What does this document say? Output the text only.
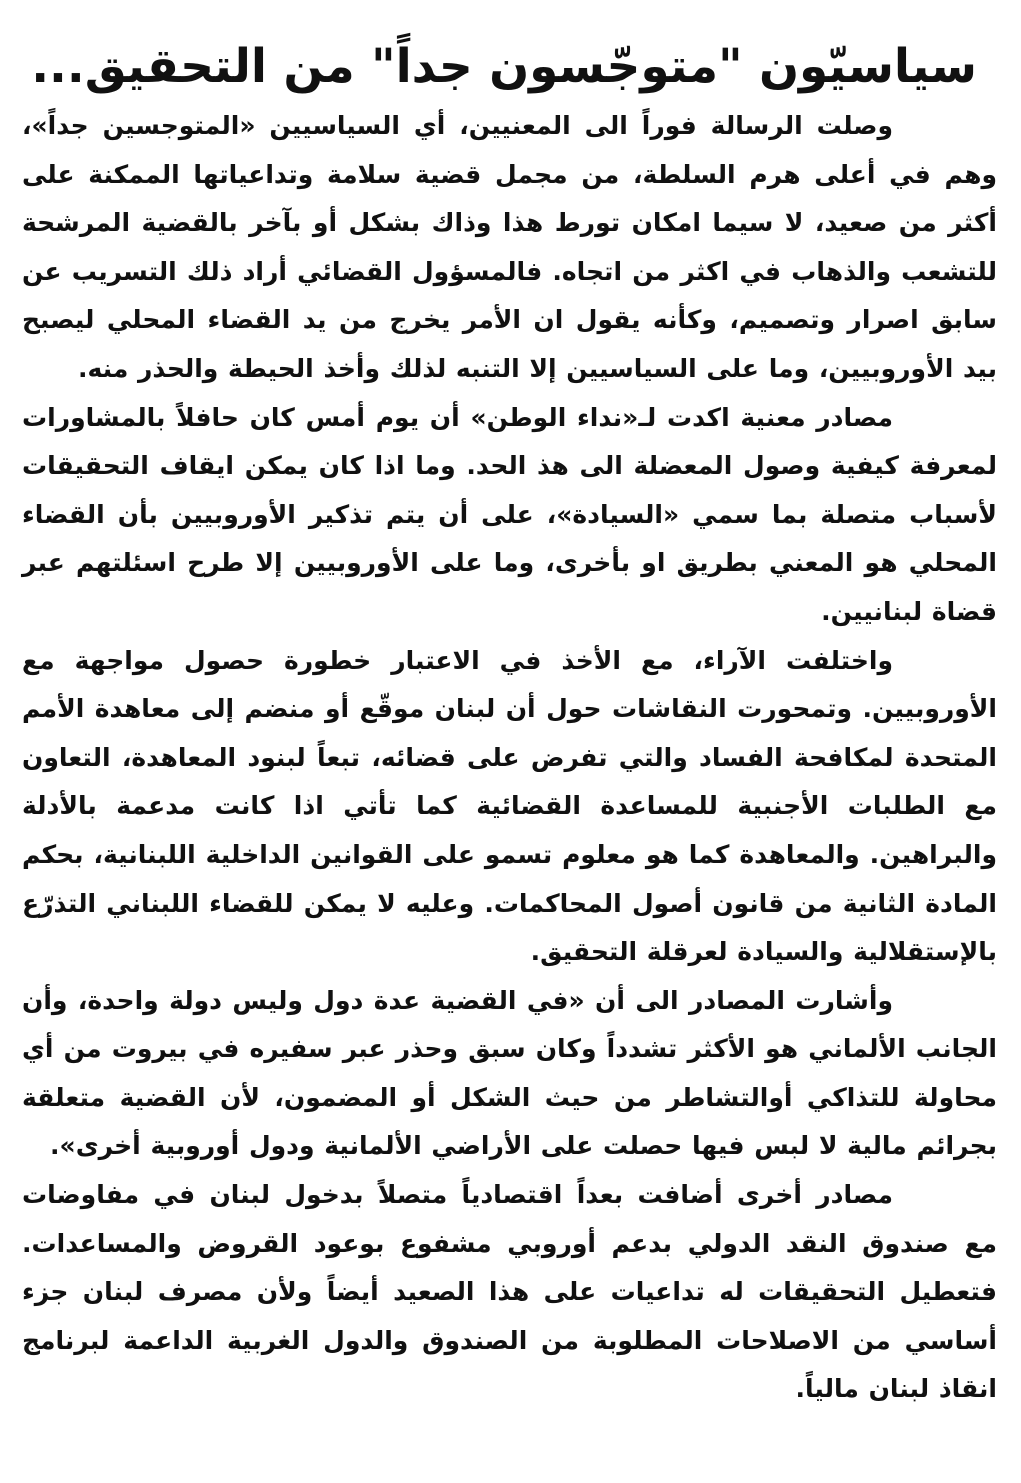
سياسيّون "متوجّسون جداً" من التحقيق...

وصلت الرسالة فوراً الى المعنيين، أي السياسيين «المتوجسين جداً»، وهم في أعلى هرم السلطة، من مجمل قضية سلامة وتداعياتها الممكنة على أكثر من صعيد، لا سيما امكان تورط هذا وذاك بشكل أو بآخر بالقضية المرشحة للتشعب والذهاب في اكثر من اتجاه. فالمسؤول القضائي أراد ذلك التسريب عن سابق اصرار وتصميم، وكأنه يقول ان الأمر يخرج من يد القضاء المحلي ليصبح بيد الأوروبيين، وما على السياسيين إلا التنبه لذلك وأخذ الحيطة والحذر منه.

مصادر معنية اكدت لـ«نداء الوطن» أن يوم أمس كان حافلاً بالمشاورات لمعرفة كيفية وصول المعضلة الى هذ الحد. وما اذا كان يمكن ايقاف التحقيقات لأسباب متصلة بما سمي «السيادة»، على أن يتم تذكير الأوروبيين بأن القضاء المحلي هو المعني بطريق او بأخرى، وما على الأوروبيين إلا طرح اسئلتهم عبر قضاة لبنانيين.

واختلفت الآراء، مع الأخذ في الاعتبار خطورة حصول مواجهة مع الأوروبيين. وتمحورت النقاشات حول أن لبنان موقّع أو منضم إلى معاهدة الأمم المتحدة لمكافحة الفساد والتي تفرض على قضائه، تبعاً لبنود المعاهدة، التعاون مع الطلبات الأجنبية للمساعدة القضائية كما تأتي اذا كانت مدعمة بالأدلة والبراهين. والمعاهدة كما هو معلوم تسمو على القوانين الداخلية اللبنانية، بحكم المادة الثانية من قانون أصول المحاكمات. وعليه لا يمكن للقضاء اللبناني التذرّع بالإستقلالية والسيادة لعرقلة التحقيق.

وأشارت المصادر الى أن «في القضية عدة دول وليس دولة واحدة، وأن الجانب الألماني هو الأكثر تشدداً وكان سبق وحذر عبر سفيره في بيروت من أي محاولة للتذاكي أوالتشاطر من حيث الشكل أو المضمون، لأن القضية متعلقة بجرائم مالية لا لبس فيها حصلت على الأراضي الألمانية ودول أوروبية أخرى».

مصادر أخرى أضافت بعداً اقتصادياً متصلاً بدخول لبنان في مفاوضات مع صندوق النقد الدولي بدعم أوروبي مشفوع بوعود القروض والمساعدات. فتعطيل التحقيقات له تداعيات على هذا الصعيد أيضاً ولأن مصرف لبنان جزء أساسي من الاصلاحات المطلوبة من الصندوق والدول الغربية الداعمة لبرنامج انقاذ لبنان مالياً.
